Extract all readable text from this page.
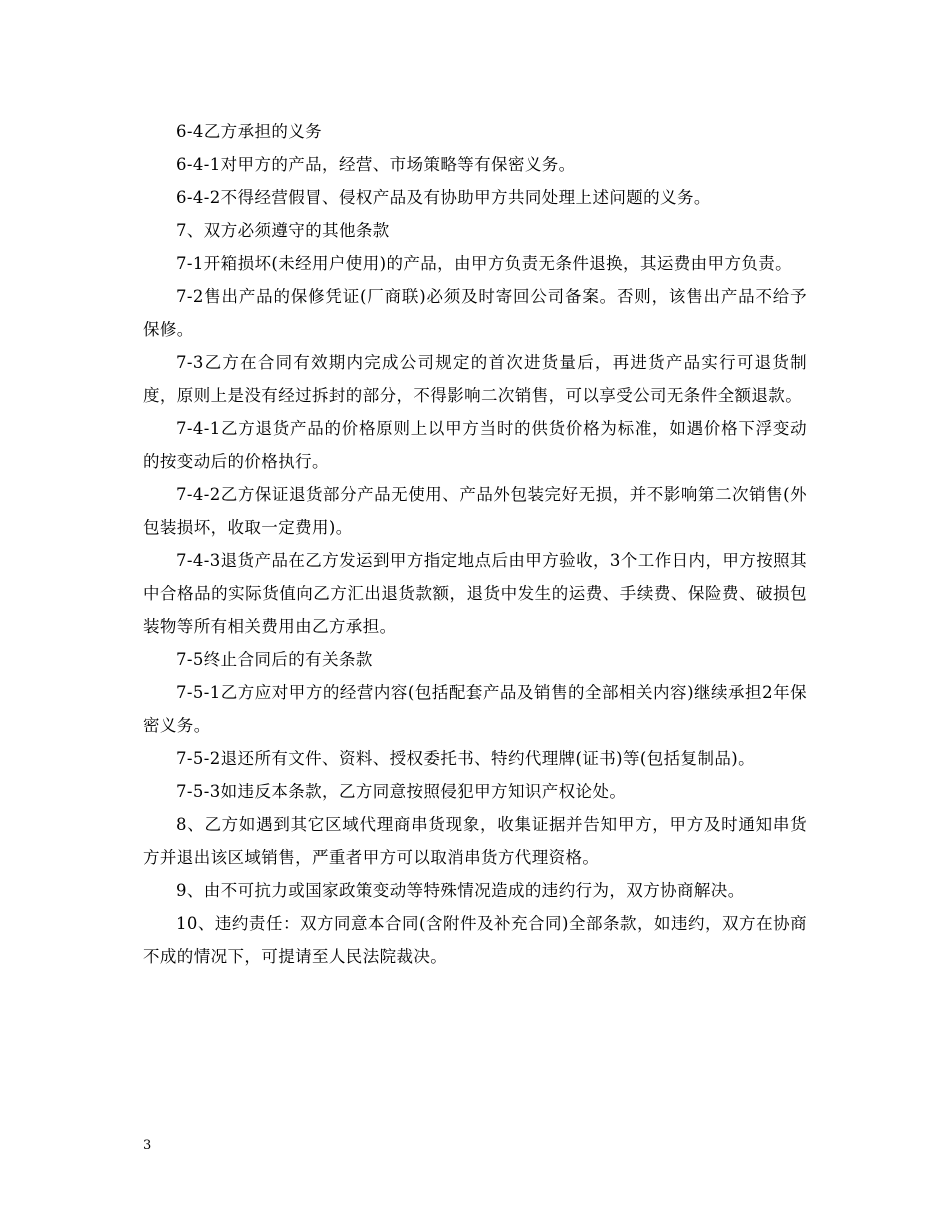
6-4乙方承担的义务

6-4-1对甲方的产品，经营、市场策略等有保密义务。

6-4-2不得经营假冒、侵权产品及有协助甲方共同处理上述问题的义务。

7、双方必须遵守的其他条款

7-1开箱损坏(未经用户使用)的产品，由甲方负责无条件退换，其运费由甲方负责。

7-2售出产品的保修凭证(厂商联)必须及时寄回公司备案。否则，该售出产品不给予保修。

7-3乙方在合同有效期内完成公司规定的首次进货量后，再进货产品实行可退货制度，原则上是没有经过拆封的部分，不得影响二次销售，可以享受公司无条件全额退款。

7-4-1乙方退货产品的价格原则上以甲方当时的供货价格为标准，如遇价格下浮变动的按变动后的价格执行。

7-4-2乙方保证退货部分产品无使用、产品外包装完好无损，并不影响第二次销售(外包装损坏，收取一定费用)。

7-4-3退货产品在乙方发运到甲方指定地点后由甲方验收，3个工作日内，甲方按照其中合格品的实际货值向乙方汇出退货款额，退货中发生的运费、手续费、保险费、破损包装物等所有相关费用由乙方承担。

7-5终止合同后的有关条款

7-5-1乙方应对甲方的经营内容(包括配套产品及销售的全部相关内容)继续承担2年保密义务。

7-5-2退还所有文件、资料、授权委托书、特约代理牌(证书)等(包括复制品)。

7-5-3如违反本条款，乙方同意按照侵犯甲方知识产权论处。

8、乙方如遇到其它区域代理商串货现象，收集证据并告知甲方，甲方及时通知串货方并退出该区域销售，严重者甲方可以取消串货方代理资格。

9、由不可抗力或国家政策变动等特殊情况造成的违约行为，双方协商解决。

10、违约责任：双方同意本合同(含附件及补充合同)全部条款，如违约，双方在协商不成的情况下，可提请至人民法院裁决。

3
